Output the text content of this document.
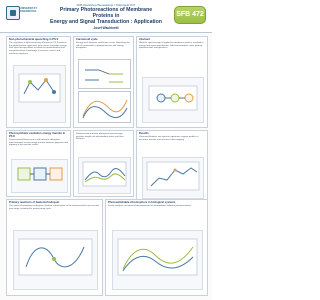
UNIVERSITÄT
OSNABRÜCK
SFB Workshop Beusekamp / Teilprojekt P27
Primary Photoreactions of Membrane Proteins in
Energy and Signal Transduction : Application
Josef Wachtveitl
SFB 472
Non-photochemical quenching in PS II
The regulation of light-harvesting efficiency in PS II protects the photosynthetic apparatus from excess excitation energy. Fast spectroscopy allows to follow the photochemical and non-photochemical pathways in reaction centers and antenna complexes.
Photosynthetic excitation energy transfer in PS II
Time-resolved fluorescence and transient absorption measurements reveal energy transfer between pigments and trapping in the reaction center.
Primary reactions of bacteriorhodopsin
The retinal chromophore undergoes ultrafast isomerization in the femtosecond to picosecond time range, initiating the proton pump cycle.
Carotenoid cycle
Energy level diagrams and kinetic traces illustrating the role of carotenoids in photoprotection and energy dissipation.
Femtosecond transient absorption spectroscopy provides insight into intermediate states and their lifetimes.
Abstract
Ultrafast spectroscopy is applied to membrane proteins involved in energy and signal transduction. Selected examples show primary photoreactions and dynamics.
Results
Observed lifetimes and spectral signatures support models of excitation transfer and reaction center trapping.
Photoswitchable chromophore in biological systems
Kinetic analysis and spectral decomposition of intermediates following photoexcitation.
